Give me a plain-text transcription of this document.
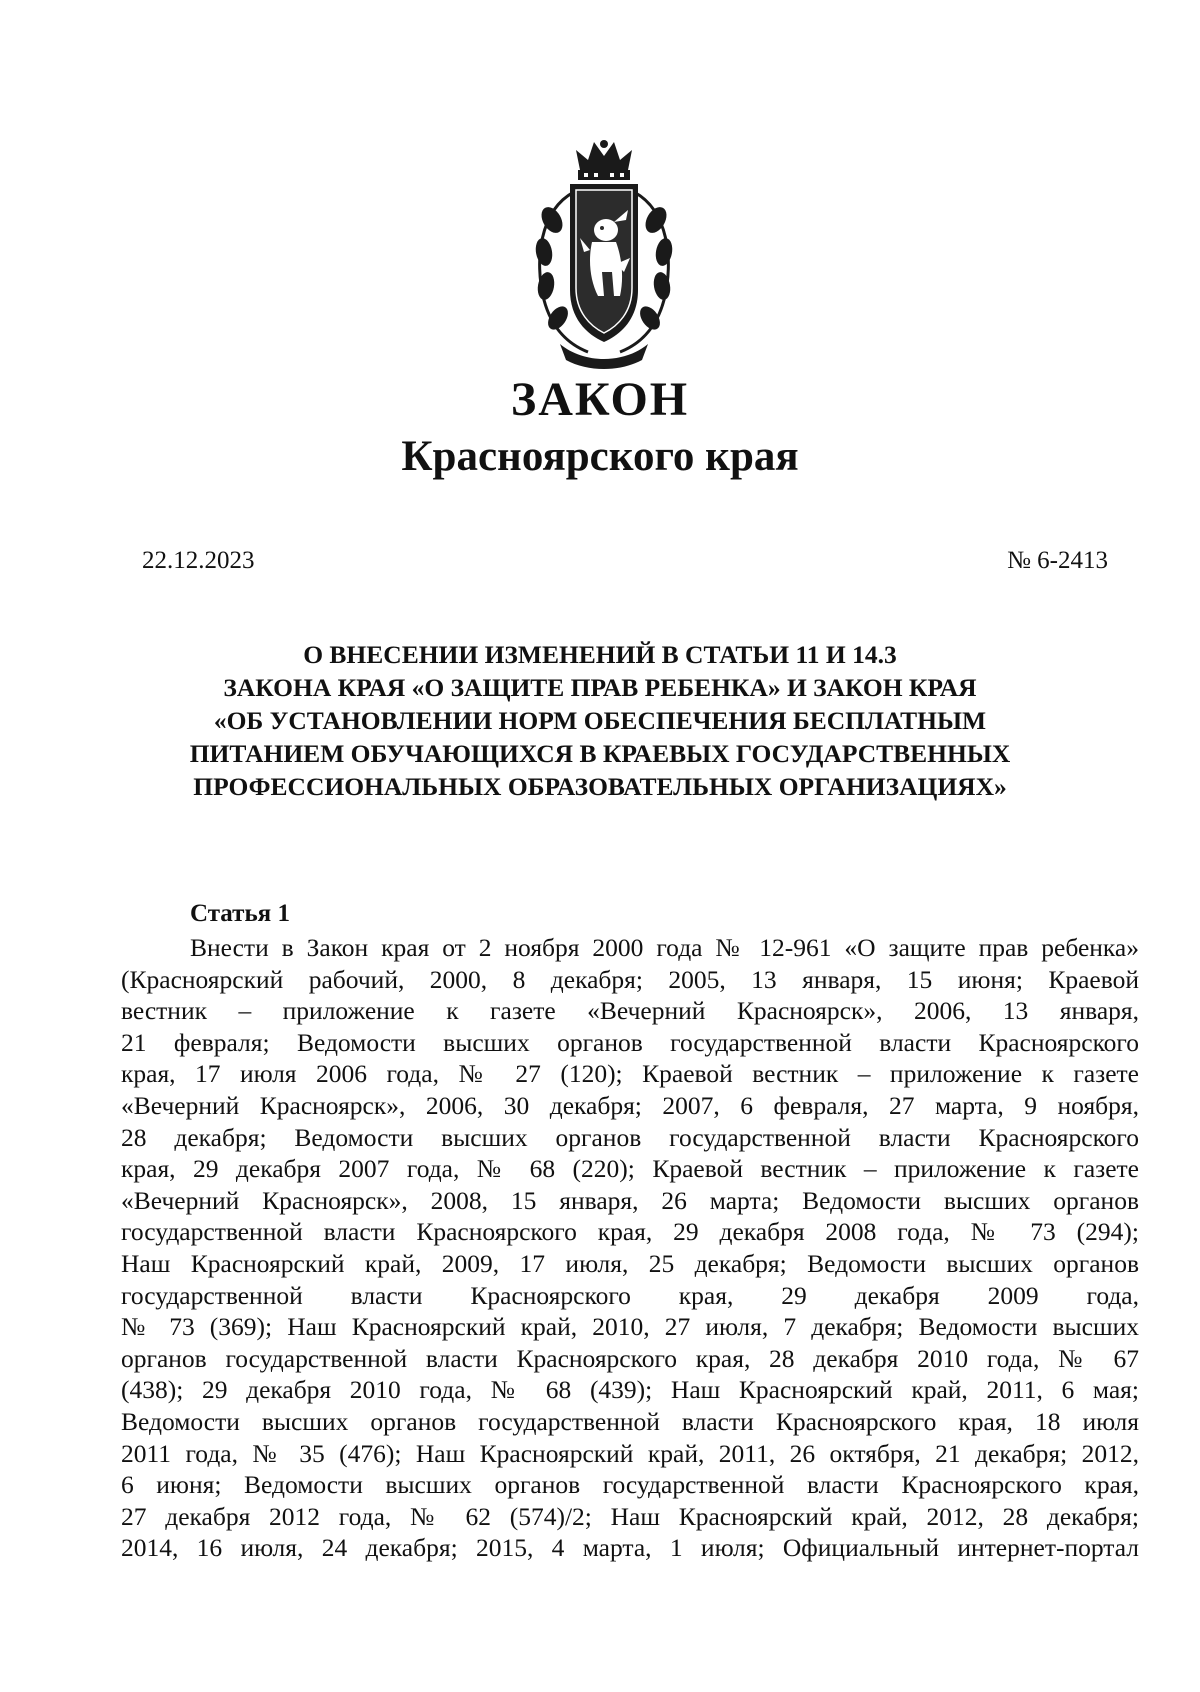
ЗАКОН
Красноярского края
22.12.2023	№ 6-2413
О ВНЕСЕНИИ ИЗМЕНЕНИЙ В СТАТЬИ 11 И 14.3
ЗАКОНА КРАЯ «О ЗАЩИТЕ ПРАВ РЕБЕНКА» И ЗАКОН КРАЯ
«ОБ УСТАНОВЛЕНИИ НОРМ ОБЕСПЕЧЕНИЯ БЕСПЛАТНЫМ
ПИТАНИЕМ ОБУЧАЮЩИХСЯ В КРАЕВЫХ ГОСУДАРСТВЕННЫХ
ПРОФЕССИОНАЛЬНЫХ ОБРАЗОВАТЕЛЬНЫХ ОРГАНИЗАЦИЯХ»
Статья 1
Внести в Закон края от 2 ноября 2000 года № 12-961 «О защите прав ребенка»
(Красноярский рабочий, 2000, 8 декабря; 2005, 13 января, 15 июня; Краевой
вестник – приложение к газете «Вечерний Красноярск», 2006, 13 января,
21 февраля; Ведомости высших органов государственной власти Красноярского
края, 17 июля 2006 года, № 27 (120); Краевой вестник – приложение к газете
«Вечерний Красноярск», 2006, 30 декабря; 2007, 6 февраля, 27 марта, 9 ноября,
28 декабря; Ведомости высших органов государственной власти Красноярского
края, 29 декабря 2007 года, № 68 (220); Краевой вестник – приложение к газете
«Вечерний Красноярск», 2008, 15 января, 26 марта; Ведомости высших органов
государственной власти Красноярского края, 29 декабря 2008 года, № 73 (294);
Наш Красноярский край, 2009, 17 июля, 25 декабря; Ведомости высших органов
государственной власти Красноярского края, 29 декабря 2009 года,
№ 73 (369); Наш Красноярский край, 2010, 27 июля, 7 декабря; Ведомости высших
органов государственной власти Красноярского края, 28 декабря 2010 года, № 67
(438); 29 декабря 2010 года, № 68 (439); Наш Красноярский край, 2011, 6 мая;
Ведомости высших органов государственной власти Красноярского края, 18 июля
2011 года, № 35 (476); Наш Красноярский край, 2011, 26 октября, 21 декабря; 2012,
6 июня; Ведомости высших органов государственной власти Красноярского края,
27 декабря 2012 года, № 62 (574)/2; Наш Красноярский край, 2012, 28 декабря;
2014, 16 июля, 24 декабря; 2015, 4 марта, 1 июля; Официальный интернет-портал
